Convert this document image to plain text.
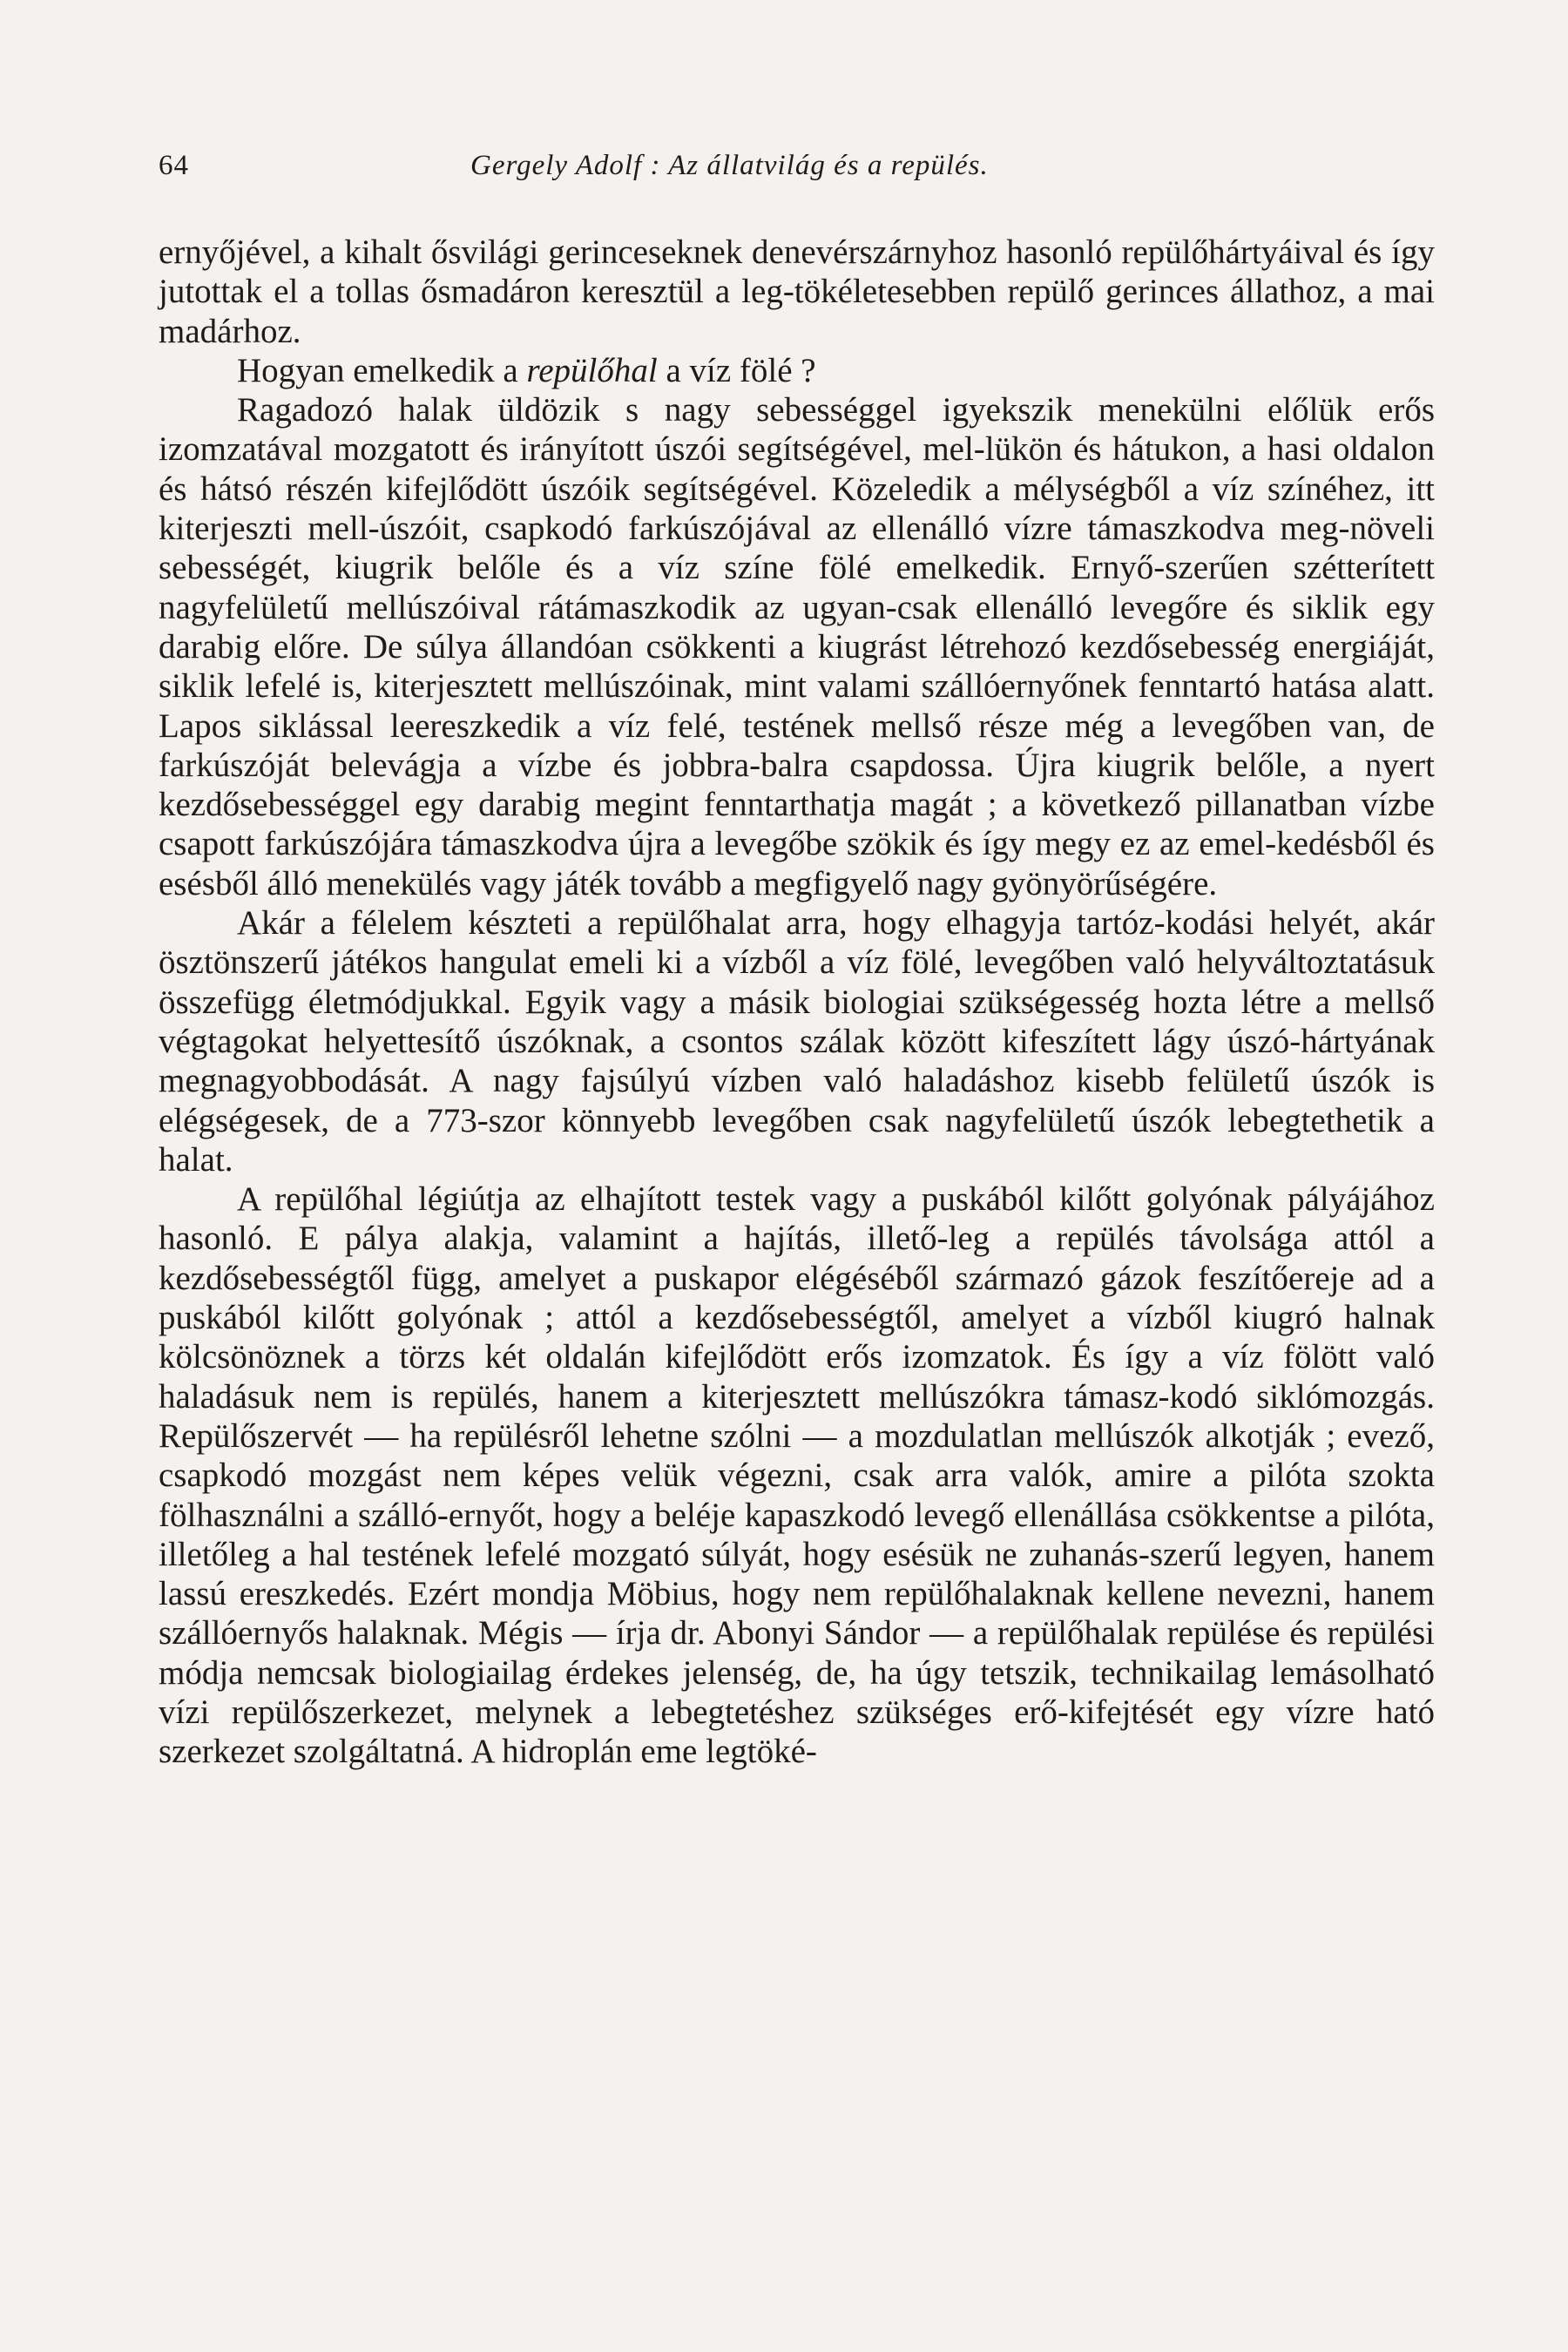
64	Gergely Adolf : Az állatvilág és a repülés.

ernyőjével, a kihalt ősvilági gerinceseknek denevérszárnyhoz hasonló repülőhártyáival és így jutottak el a tollas ősmadáron keresztül a leg-tökéletesebben repülő gerinces állathoz, a mai madárhoz.

Hogyan emelkedik a repülőhal a víz fölé ?

Ragadozó halak üldözik s nagy sebességgel igyekszik menekülni előlük erős izomzatával mozgatott és irányított úszói segítségével, mel-lükön és hátukon, a hasi oldalon és hátsó részén kifejlődött úszóik segítségével. Közeledik a mélységből a víz színéhez, itt kiterjeszti mell-úszóit, csapkodó farkúszójával az ellenálló vízre támaszkodva meg-növeli sebességét, kiugrik belőle és a víz színe fölé emelkedik. Ernyő-szerűen szétterített nagyfelületű mellúszóival rátámaszkodik az ugyan-csak ellenálló levegőre és siklik egy darabig előre. De súlya állandóan csökkenti a kiugrást létrehozó kezdősebesség energiáját, siklik lefelé is, kiterjesztett mellúszóinak, mint valami szállóernyőnek fenntartó hatása alatt. Lapos siklással leereszkedik a víz felé, testének mellső része még a levegőben van, de farkúszóját belevágja a vízbe és jobbra-balra csapdossa. Újra kiugrik belőle, a nyert kezdősebességgel egy darabig megint fenntarthatja magát ; a következő pillanatban vízbe csapott farkúszójára támaszkodva újra a levegőbe szökik és így megy ez az emel-kedésből és esésből álló menekülés vagy játék tovább a megfigyelő nagy gyönyörűségére.

Akár a félelem készteti a repülőhalat arra, hogy elhagyja tartóz-kodási helyét, akár ösztönszerű játékos hangulat emeli ki a vízből a víz fölé, levegőben való helyváltoztatásuk összefügg életmódjukkal. Egyik vagy a másik biologiai szükségesség hozta létre a mellső végtagokat helyettesítő úszóknak, a csontos szálak között kifeszített lágy úszó-hártyának megnagyobbodását. A nagy fajsúlyú vízben való haladáshoz kisebb felületű úszók is elégségesek, de a 773-szor könnyebb levegőben csak nagyfelületű úszók lebegtethetik a halat.

A repülőhal légiútja az elhajított testek vagy a puskából kilőtt golyónak pályájához hasonló. E pálya alakja, valamint a hajítás, illető-leg a repülés távolsága attól a kezdősebességtől függ, amelyet a puskapor elégéséből származó gázok feszítőereje ad a puskából kilőtt golyónak ; attól a kezdősebességtől, amelyet a vízből kiugró halnak kölcsönöznek a törzs két oldalán kifejlődött erős izomzatok. És így a víz fölött való haladásuk nem is repülés, hanem a kiterjesztett mellúszókra támasz-kodó siklómozgás. Repülőszervét — ha repülésről lehetne szólni — a mozdulatlan mellúszók alkotják ; evező, csapkodó mozgást nem képes velük végezni, csak arra valók, amire a pilóta szokta fölhasználni a szálló-ernyőt, hogy a beléje kapaszkodó levegő ellenállása csökkentse a pilóta, illetőleg a hal testének lefelé mozgató súlyát, hogy esésük ne zuhanás-szerű legyen, hanem lassú ereszkedés. Ezért mondja Möbius, hogy nem repülőhalaknak kellene nevezni, hanem szállóernyős halaknak. Mégis — írja dr. Abonyi Sándor — a repülőhalak repülése és repülési módja nemcsak biologiailag érdekes jelenség, de, ha úgy tetszik, technikailag lemásolható vízi repülőszerkezet, melynek a lebegtetéshez szükséges erő-kifejtését egy vízre ható szerkezet szolgáltatná. A hidroplán eme legtöké-
